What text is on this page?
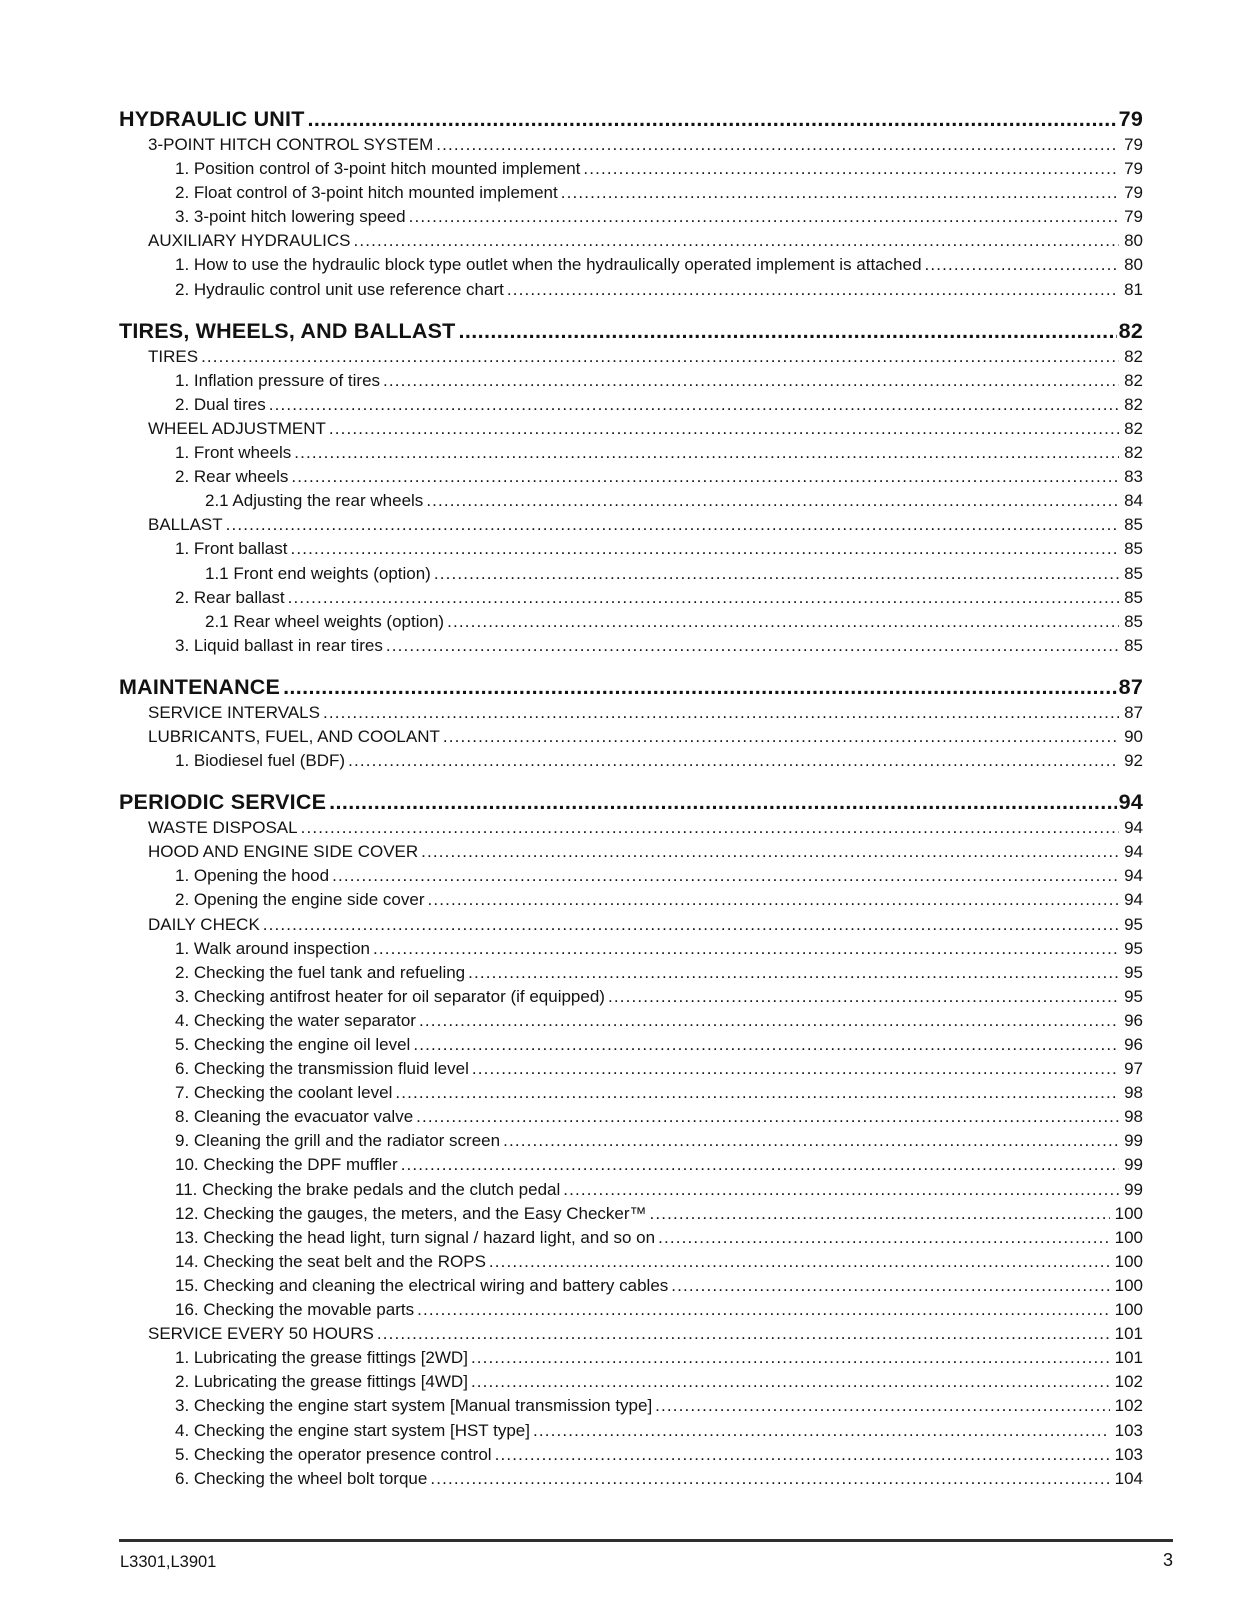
HYDRAULIC UNIT .....	79
3-POINT HITCH CONTROL SYSTEM .....	79
1. Position control of 3-point hitch mounted implement .....	79
2. Float control of 3-point hitch mounted implement .....	79
3. 3-point hitch lowering speed .....	79
AUXILIARY HYDRAULICS .....	80
1. How to use the hydraulic block type outlet when the hydraulically operated implement is attached .....	80
2. Hydraulic control unit use reference chart .....	81
TIRES, WHEELS, AND BALLAST .....	82
TIRES .....	82
1. Inflation pressure of tires .....	82
2. Dual tires .....	82
WHEEL ADJUSTMENT .....	82
1. Front wheels .....	82
2. Rear wheels .....	83
2.1 Adjusting the rear wheels .....	84
BALLAST .....	85
1. Front ballast .....	85
1.1 Front end weights (option) .....	85
2. Rear ballast .....	85
2.1 Rear wheel weights (option) .....	85
3. Liquid ballast in rear tires .....	85
MAINTENANCE .....	87
SERVICE INTERVALS .....	87
LUBRICANTS, FUEL, AND COOLANT .....	90
1. Biodiesel fuel (BDF) .....	92
PERIODIC SERVICE .....	94
WASTE DISPOSAL .....	94
HOOD AND ENGINE SIDE COVER .....	94
1. Opening the hood .....	94
2. Opening the engine side cover .....	94
DAILY CHECK .....	95
1. Walk around inspection .....	95
2. Checking the fuel tank and refueling .....	95
3. Checking antifrost heater for oil separator (if equipped) .....	95
4. Checking the water separator .....	96
5. Checking the engine oil level .....	96
6. Checking the transmission fluid level .....	97
7. Checking the coolant level .....	98
8. Cleaning the evacuator valve .....	98
9. Cleaning the grill and the radiator screen .....	99
10. Checking the DPF muffler .....	99
11. Checking the brake pedals and the clutch pedal .....	99
12. Checking the gauges, the meters, and the Easy Checker™ .....	100
13. Checking the head light, turn signal / hazard light, and so on .....	100
14. Checking the seat belt and the ROPS .....	100
15. Checking and cleaning the electrical wiring and battery cables .....	100
16. Checking the movable parts .....	100
SERVICE EVERY 50 HOURS .....	101
1. Lubricating the grease fittings [2WD] .....	101
2. Lubricating the grease fittings [4WD] .....	102
3. Checking the engine start system [Manual transmission type] .....	102
4. Checking the engine start system [HST type] .....	103
5. Checking the operator presence control .....	103
6. Checking the wheel bolt torque .....	104
L3301,L3901	3
